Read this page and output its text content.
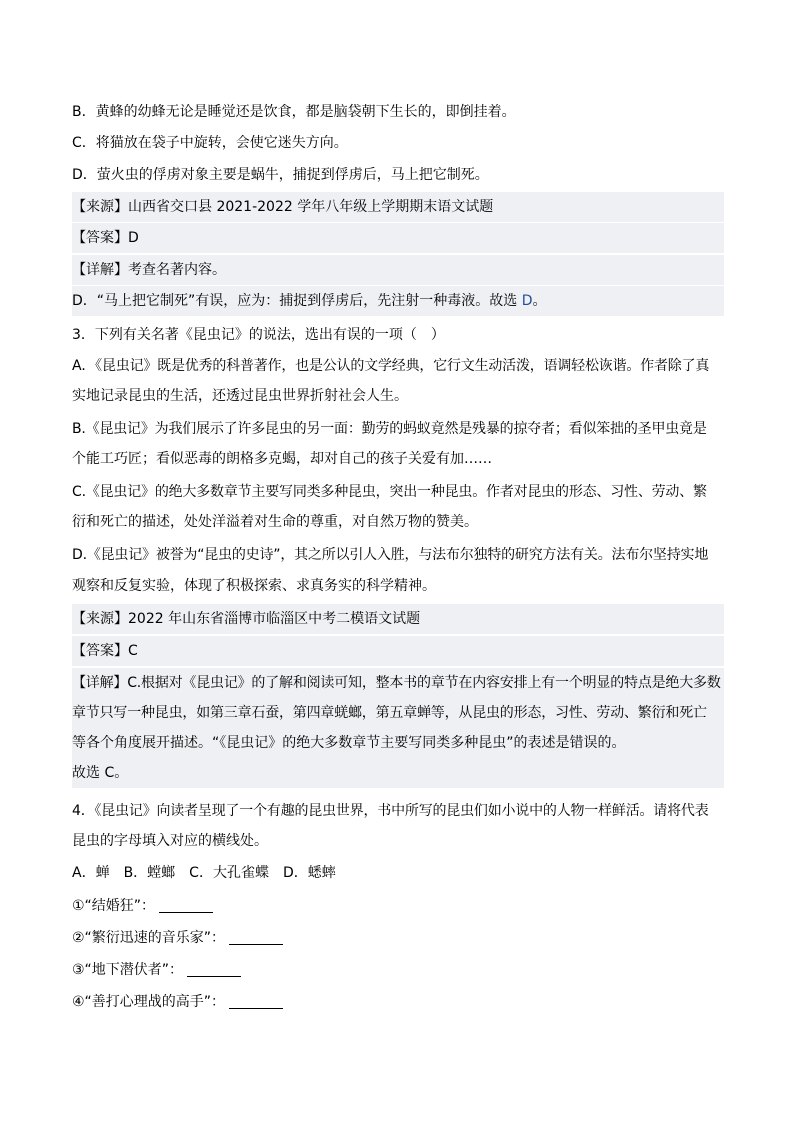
B．黄蜂的幼蜂无论是睡觉还是饮食，都是脑袋朝下生长的，即倒挂着。
C．将猫放在袋子中旋转，会使它迷失方向。
D．萤火虫的俘虏对象主要是蜗牛，捕捉到俘虏后，马上把它制死。
【来源】山西省交口县 2021-2022 学年八年级上学期期末语文试题
【答案】D
【详解】考查名著内容。
D．“马上把它制死”有误，应为：捕捉到俘虏后，先注射一种毒液。故选 D。
3．下列有关名著《昆虫记》的说法，选出有误的一项（　）
A．《昆虫记》既是优秀的科普著作，也是公认的文学经典，它行文生动活泼，语调轻松诙谐。作者除了真
实地记录昆虫的生活，还透过昆虫世界折射社会人生。
B.《昆虫记》为我们展示了许多昆虫的另一面：勤劳的蚂蚁竟然是残暴的掠夺者；看似笨拙的圣甲虫竟是
个能工巧匠；看似恶毒的朗格多克蝎，却对自己的孩子关爱有加……
C.《昆虫记》的绝大多数章节主要写同类多种昆虫，突出一种昆虫。作者对昆虫的形态、习性、劳动、繁
衍和死亡的描述，处处洋溢着对生命的尊重，对自然万物的赞美。
D.《昆虫记》被誉为“昆虫的史诗”，其之所以引人入胜，与法布尔独特的研究方法有关。法布尔坚持实地
观察和反复实验，体现了积极探索、求真务实的科学精神。
【来源】2022 年山东省淄博市临淄区中考二模语文试题
【答案】C
【详解】C.根据对《昆虫记》的了解和阅读可知，整本书的章节在内容安排上有一个明显的特点是绝大多数
章节只写一种昆虫，如第三章石蚕，第四章蜣螂，第五章蝉等，从昆虫的形态，习性、劳动、繁衍和死亡
等各个角度展开描述。“《昆虫记》的绝大多数章节主要写同类多种昆虫”的表述是错误的。
故选 C。
4．《昆虫记》向读者呈现了一个有趣的昆虫世界，书中所写的昆虫们如小说中的人物一样鲜活。请将代表
昆虫的字母填入对应的横线处。
A．蝉　B．螳螂　C．大孔雀蝶　D．蟋蟀
①“结婚狂”：
②“繁衍迅速的音乐家”：
③“地下潜伏者”：
④“善打心理战的高手”：
